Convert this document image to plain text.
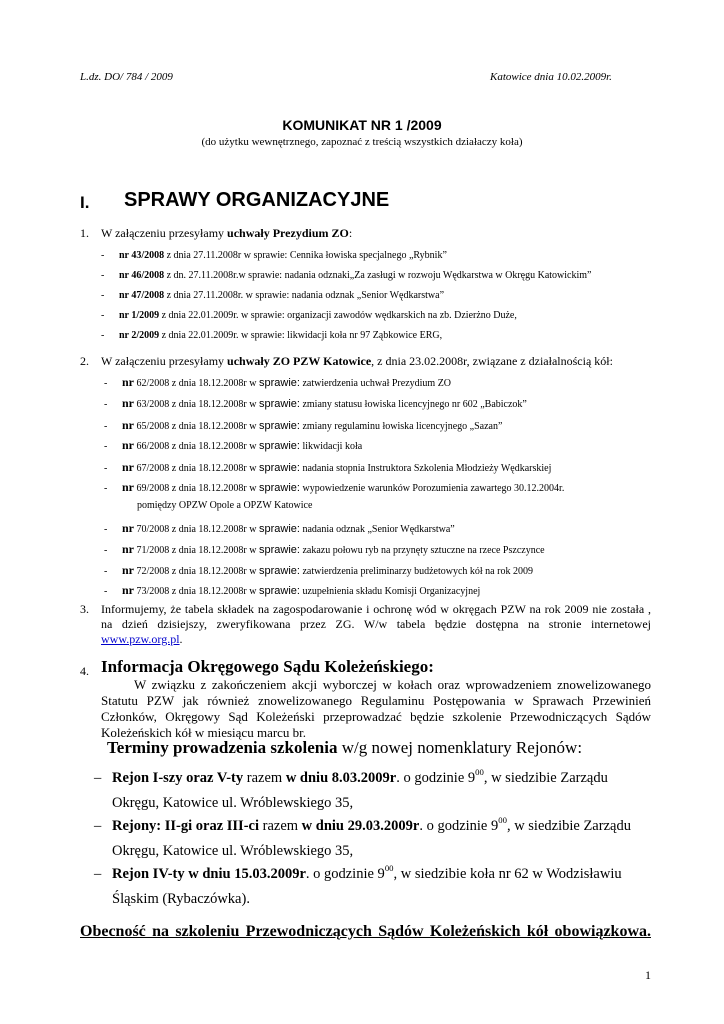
L.dz. DO/ 784 / 2009	Katowice dnia 10.02.2009r.
KOMUNIKAT NR 1 /2009
(do użytku wewnętrznego, zapoznać z treścią wszystkich działaczy koła)
I. SPRAWY ORGANIZACYJNE
1. W załączeniu przesyłamy uchwały Prezydium ZO:
- nr 43/2008 z dnia 27.11.2008r w sprawie: Cennika łowiska specjalnego „Rybnik”
- nr 46/2008 z dn. 27.11.2008r.w sprawie: nadania odznaki„Za zasługi w rozwoju Wędkarstwa w Okręgu Katowickim”
- nr 47/2008 z dnia 27.11.2008r. w sprawie: nadania odznak „Senior Wędkarstwa”
- nr 1/2009 z dnia 22.01.2009r. w sprawie: organizacji zawodów wędkarskich na zb. Dzierżno Duże,
- nr 2/2009 z dnia 22.01.2009r. w sprawie: likwidacji koła nr 97 Ząbkowice ERG,
2. W załączeniu przesyłamy uchwały ZO PZW Katowice, z dnia 23.02.2008r, związane z działalnością kół:
- nr 62/2008 z dnia 18.12.2008r w sprawie: zatwierdzenia uchwał Prezydium ZO
- nr 63/2008 z dnia 18.12.2008r w sprawie: zmiany statusu łowiska licencyjnego nr 602 „Babiczok”
- nr 65/2008 z dnia 18.12.2008r w sprawie: zmiany regulaminu łowiska licencyjnego „Sazan”
- nr 66/2008 z dnia 18.12.2008r w sprawie: likwidacji koła
- nr 67/2008 z dnia 18.12.2008r w sprawie: nadania stopnia Instruktora Szkolenia Młodzieży Wędkarskiej
- nr 69/2008 z dnia 18.12.2008r w sprawie: wypowiedzenie warunków Porozumienia zawartego 30.12.2004r.
- nr 70/2008 z dnia 18.12.2008r w sprawie: nadania odznak „Senior Wędkarstwa”
- nr 71/2008 z dnia 18.12.2008r w sprawie: zakazu połowu ryb na przynęty sztuczne na rzece Pszczynce
- nr 72/2008 z dnia 18.12.2008r w sprawie: zatwierdzenia preliminarzy budżetowych kół na rok 2009
- nr 73/2008 z dnia 18.12.2008r w sprawie: uzupełnienia składu Komisji Organizacyjnej
pomiędzy OPZW Opole a OPZW Katowice
3. Informujemy, że tabela składek na zagospodarowanie i ochronę wód w okręgach PZW na rok 2009 nie została , na dzień dzisiejszy, zweryfikowana przez ZG. W/w tabela będzie dostępna na stronie internetowej www.pzw.org.pl.
4. Informacja Okręgowego Sądu Koleżeńskiego:
W związku z zakończeniem akcji wyborczej w kołach oraz wprowadzeniem znowelizowanego Statutu PZW jak również znowelizowanego Regulaminu Postępowania w Sprawach Przewinień Członków, Okręgowy Sąd Koleżeński przeprowadzać będzie szkolenie Przewodniczących Sądów Koleżeńskich kół w miesiącu marcu br.
Terminy prowadzenia szkolenia w/g nowej nomenklatury Rejonów:
– Rejon I-szy oraz V-ty razem w dniu 8.03.2009r. o godzinie $9^{00}$, w siedzibie Zarządu
Okręgu, Katowice ul. Wróblewskiego 35,
– Rejony: II-gi oraz III-ci razem w dniu 29.03.2009r. o godzinie $9^{00}$, w siedzibie Zarządu
Okręgu, Katowice ul. Wróblewskiego 35,
– Rejon IV-ty w dniu 15.03.2009r. o godzinie $9^{00}$, w siedzibie koła nr 62 w Wodzisławiu
Śląskim (Rybaczówka).
Obecność na szkoleniu Przewodniczących Sądów Koleżeńskich kół obowiązkowa.
1
